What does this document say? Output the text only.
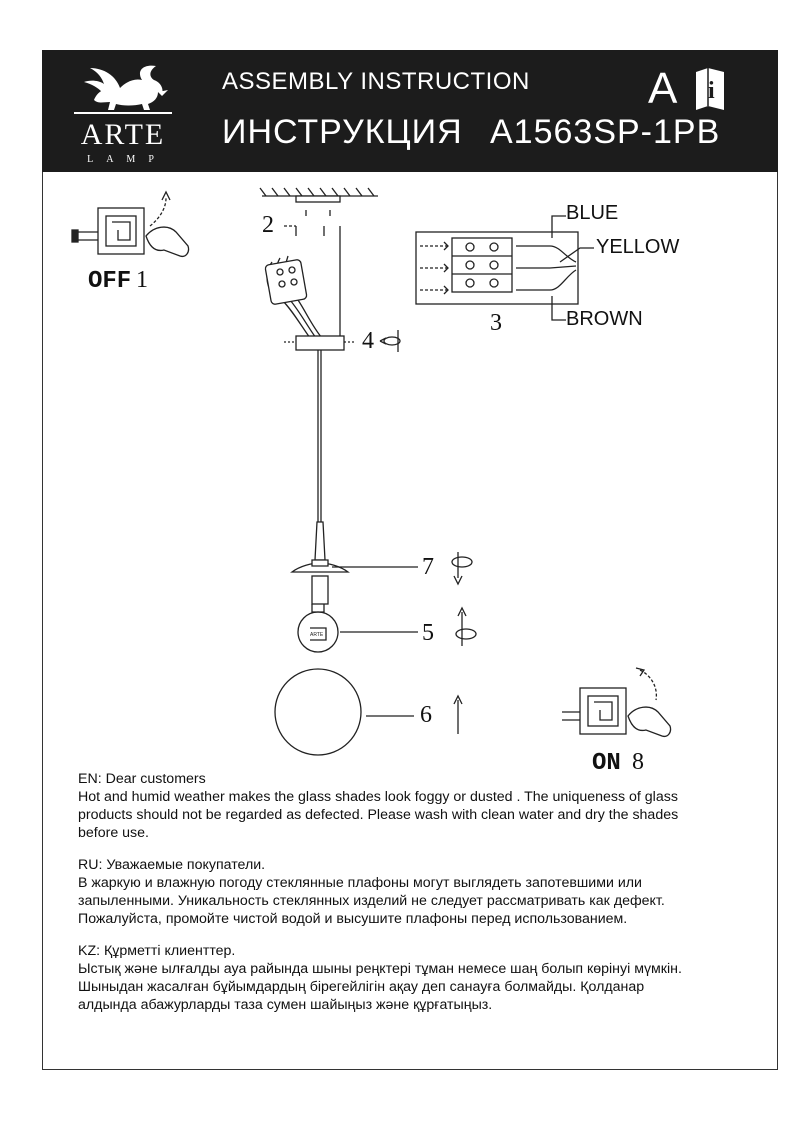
ARTE
LAMP
ASSEMBLY INSTRUCTION
ИНСТРУКЦИЯ A1563SP-1PB
A i
ARTE
OFF 1
2
3
4
7
5
6
BLUE
YELLOW
BROWN
ON 8

EN: Dear customers

Hot and humid weather makes the glass shades look foggy or dusted . The uniqueness of glass

products should not be regarded as defected. Please wash with clean water and dry the shades

before use.

RU: Уважаемые покупатели.

В жаркую и влажную погоду стеклянные плафоны могут выглядеть запотевшими или

запыленными. Уникальность стеклянных изделий не следует рассматривать как дефект.

Пожалуйста, промойте чистой водой и высушите плафоны перед использованием.

KZ: Құрметті клиенттер.

Ыстық және ылғалды ауа райында шыны реңктері тұман немесе шаң болып көрінуі мүмкін.

Шыныдан жасалған бұйымдардың бірегейлігін ақау деп санауға болмайды. Қолданар

алдында абажурларды таза сумен шайыңыз және құрғатыңыз.
